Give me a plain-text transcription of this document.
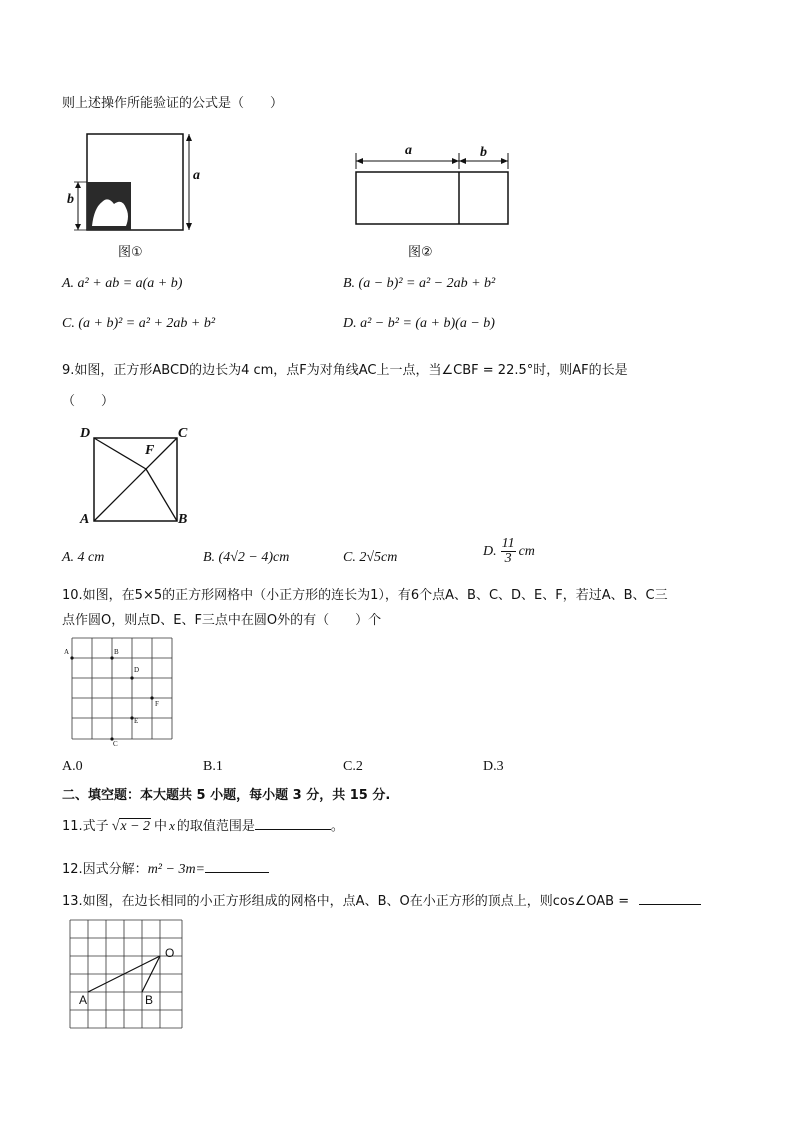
则上述操作所能验证的公式是（　　）
a
b
图①
a	b
图②
A. a² + ab = a(a + b)	B. (a − b)² = a² − 2ab + b²
C. (a + b)² = a² + 2ab + b²	D. a² − b² = (a + b)(a − b)
9.如图，正方形ABCD的边长为4 cm，点F为对角线AC上一点，当∠CBF = 22.5°时，则AF的长是
（　　）
D	C
F
A	B
A. 4 cm	B. (4√2 − 4)cm	C. 2√5cm	D. $\frac{11}{3}$ cm
10.如图，在5×5的正方形网格中（小正方形的连长为1），有6个点A、B、C、D、E、F，若过A、B、C三
点作圆O，则点D、E、F三点中在圆O外的有（　　）个
A	B
D
F
E
C
A.0	B.1	C.2	D.3
二、填空题：本大题共 5 小题，每小题 3 分，共 15 分.
11.式子 √x − 2 中 x 的取值范围是	。
12.因式分解： m² − 3m=
13.如图，在边长相同的小正方形组成的网格中，点A、B、O在小正方形的顶点上，则cos∠OAB =
O
A	B
